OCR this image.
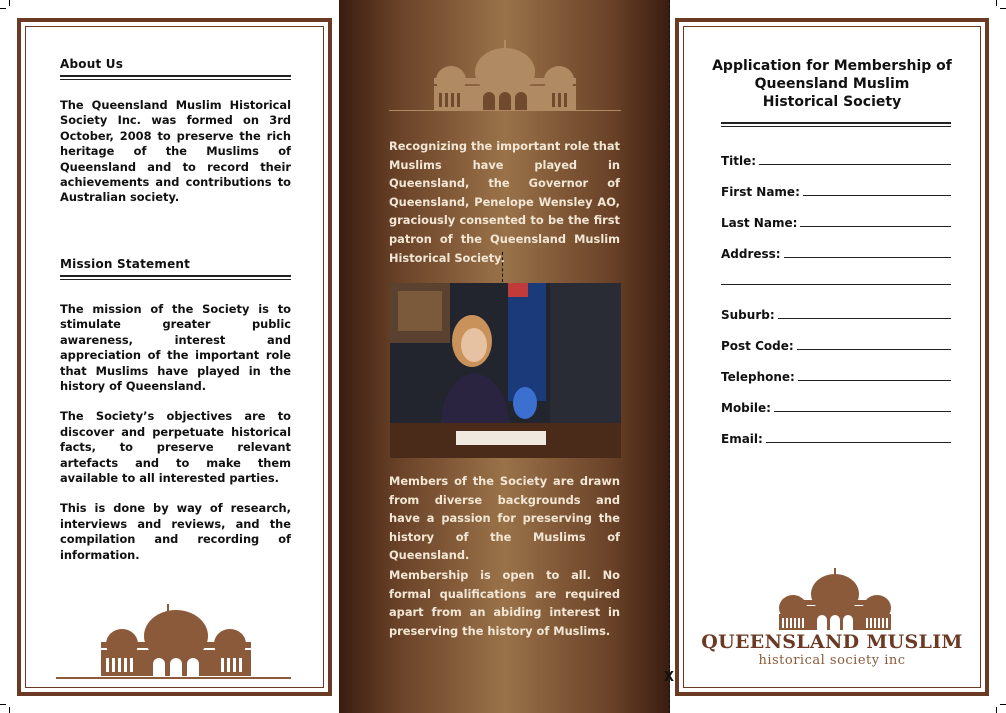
About Us

The Queensland Muslim Historical Society Inc. was formed on 3rd October, 2008 to preserve the rich heritage of the Muslims of Queensland and to record their achievements and contributions to Australian society.

Mission Statement

The mission of the Society is to stimulate greater public awareness, interest and appreciation of the important role that Muslims have played in the history of Queensland.

The Society’s objectives are to discover and perpetuate historical facts, to preserve relevant artefacts and to make them available to all interested parties.

This is done by way of research, interviews and reviews, and the compilation and recording of information.

Recognizing the important role that Muslims have played in Queensland, the Governor of Queensland, Penelope Wensley AO, graciously consented to be the first patron of the Queensland Muslim Historical Society.

Members of the Society are drawn from diverse backgrounds and have a passion for preserving the history of the Muslims of Queensland.

Membership is open to all. No formal qualifications are required apart from an abiding interest in preserving the history of Muslims.

X
Application for Membership of
Queensland Muslim
Historical Society
Title:
First Name:
Last Name:
Address:
Suburb:
Post Code:
Telephone:
Mobile:
Email:
QUEENSLAND MUSLIM
historical society inc
